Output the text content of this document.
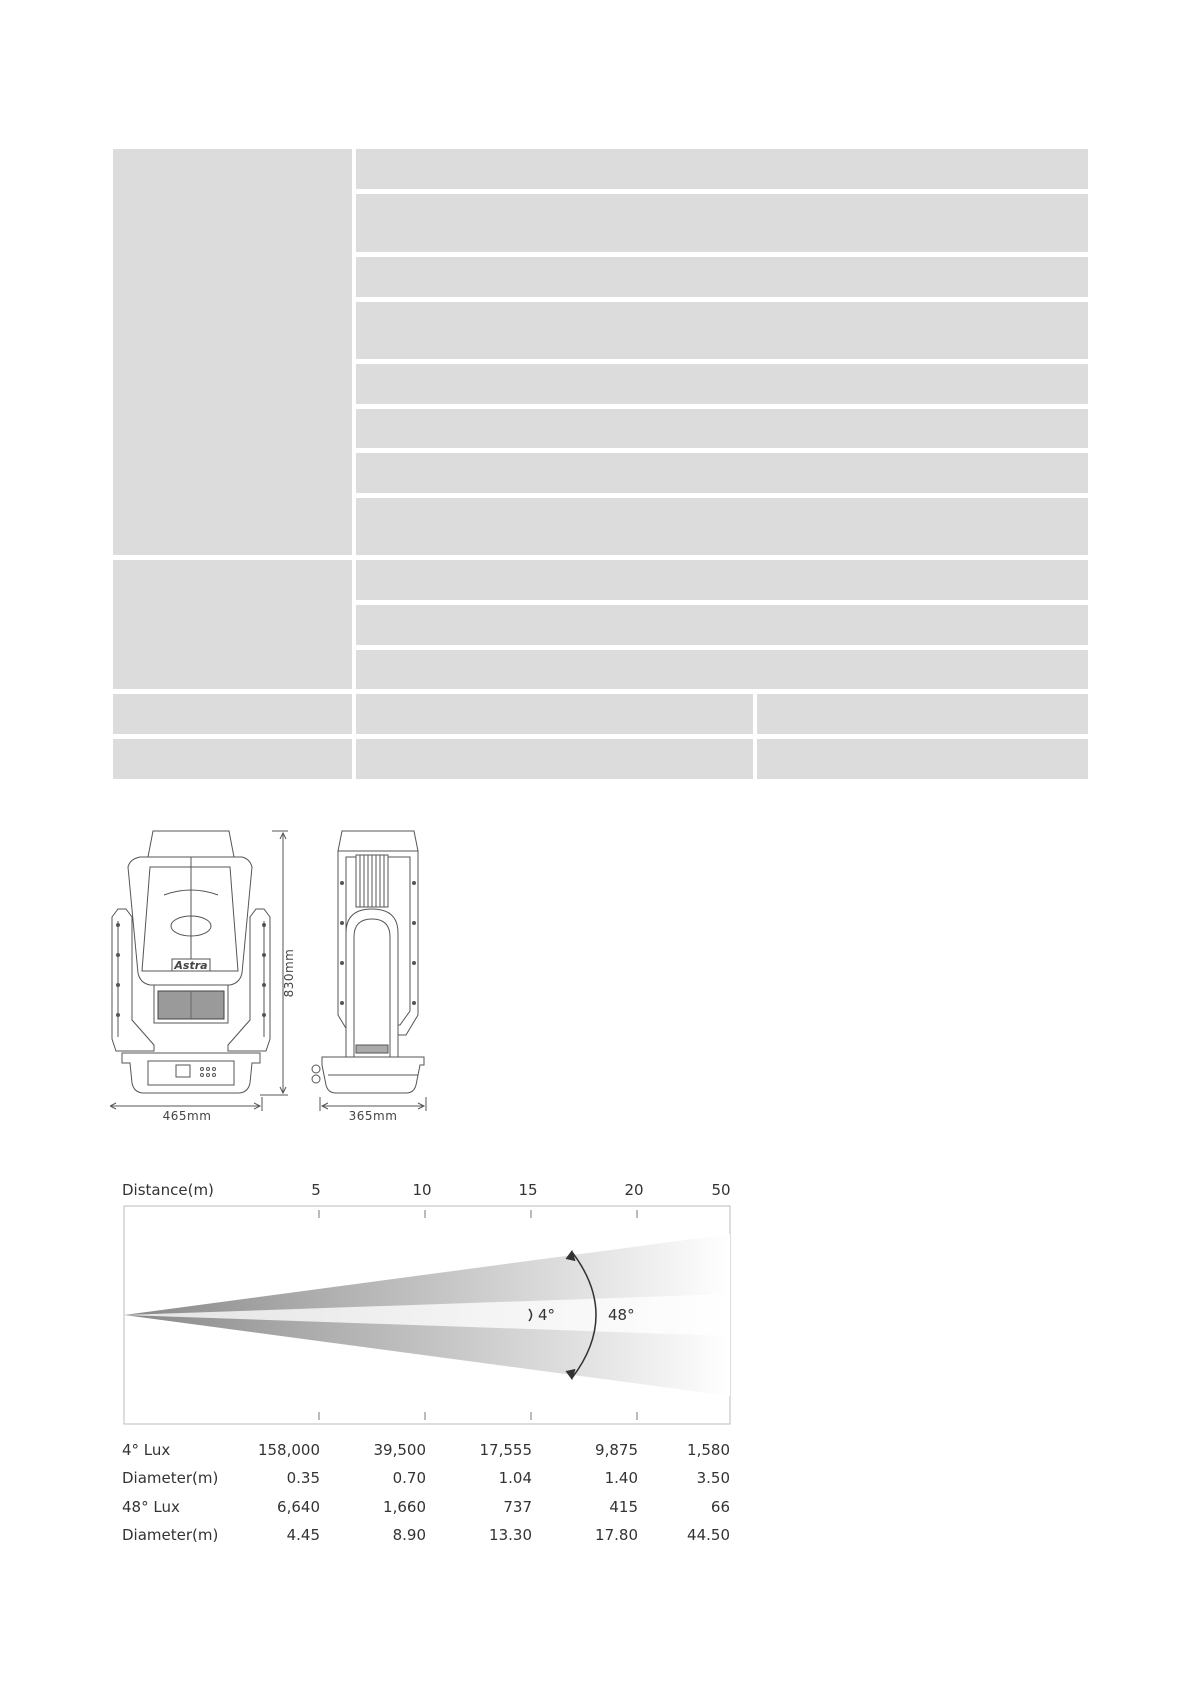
Astra	830mm
465mm	365mm
Distance(m)	5	10	15	20	50
4°	48°
4° Lux	158,000	39,500	17,555	9,875	1,580
Diameter(m)	0.35	0.70	1.04	1.40	3.50
48° Lux	6,640	1,660	737	415	66
Diameter(m)	4.45	8.90	13.30	17.80	44.50
